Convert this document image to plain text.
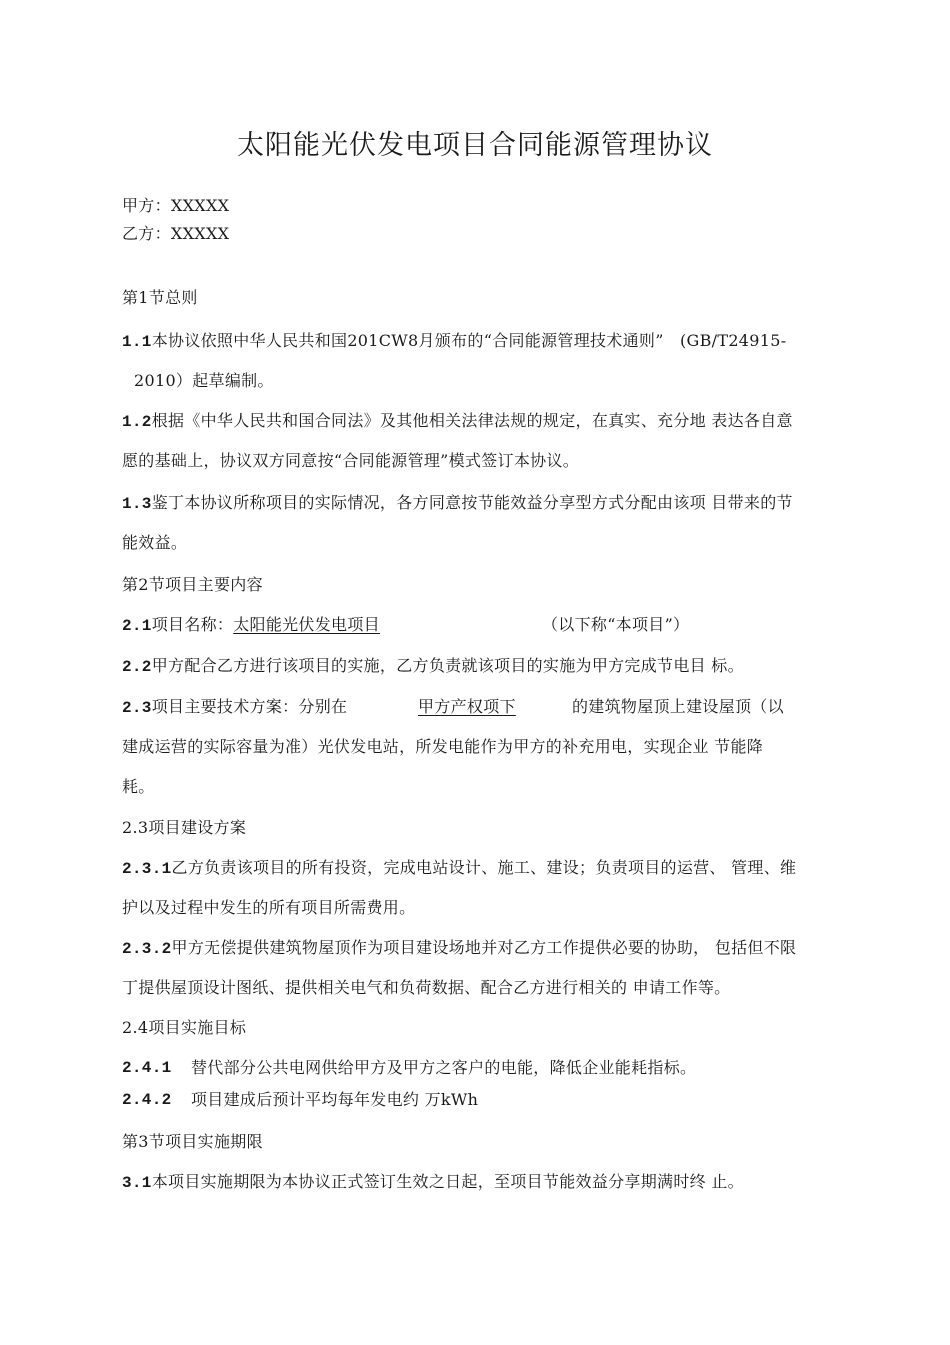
太阳能光伏发电项目合同能源管理协议
甲方：XXXXX
乙方：XXXXX
第1节总则
1.1本协议依照中华人民共和国201CW8月颁布的“合同能源管理技术通则”　(GB/T24915-
2010）起草编制。
1.2根据《中华人民共和国合同法》及其他相关法律法规的规定，在真实、充分地 表达各自意
愿的基础上，协议双方同意按“合同能源管理”模式签订本协议。
1.3鉴丁本协议所称项目的实际情况，各方同意按节能效益分享型方式分配由该项 目带来的节
能效益。
第2节项目主要内容
2.1项目名称：太阳能光伏发电项目	（以下称“本项目”）
2.2甲方配合乙方进行该项目的实施，乙方负责就该项目的实施为甲方完成节电目 标。
2.3项目主要技术方案：分别在	甲方产权项下	的建筑物屋顶上建设屋顶（以
建成运营的实际容量为准）光伏发电站，所发电能作为甲方的补充用电，实现企业 节能降
耗。
2.3项目建设方案
2.3.1乙方负责该项目的所有投资，完成电站设计、施工、建设；负责项目的运营、 管理、维
护以及过程中发生的所有项目所需费用。
2.3.2甲方无偿提供建筑物屋顶作为项目建设场地并对乙方工作提供必要的协助， 包括但不限
丁提供屋顶设计图纸、提供相关电气和负荷数据、配合乙方进行相关的 申请工作等。
2.4项目实施目标
2.4.1 替代部分公共电网供给甲方及甲方之客户的电能，降低企业能耗指标。
2.4.2 项目建成后预计平均每年发电约 万kWh
第3节项目实施期限
3.1本项目实施期限为本协议正式签订生效之日起，至项目节能效益分享期满时终 止。
